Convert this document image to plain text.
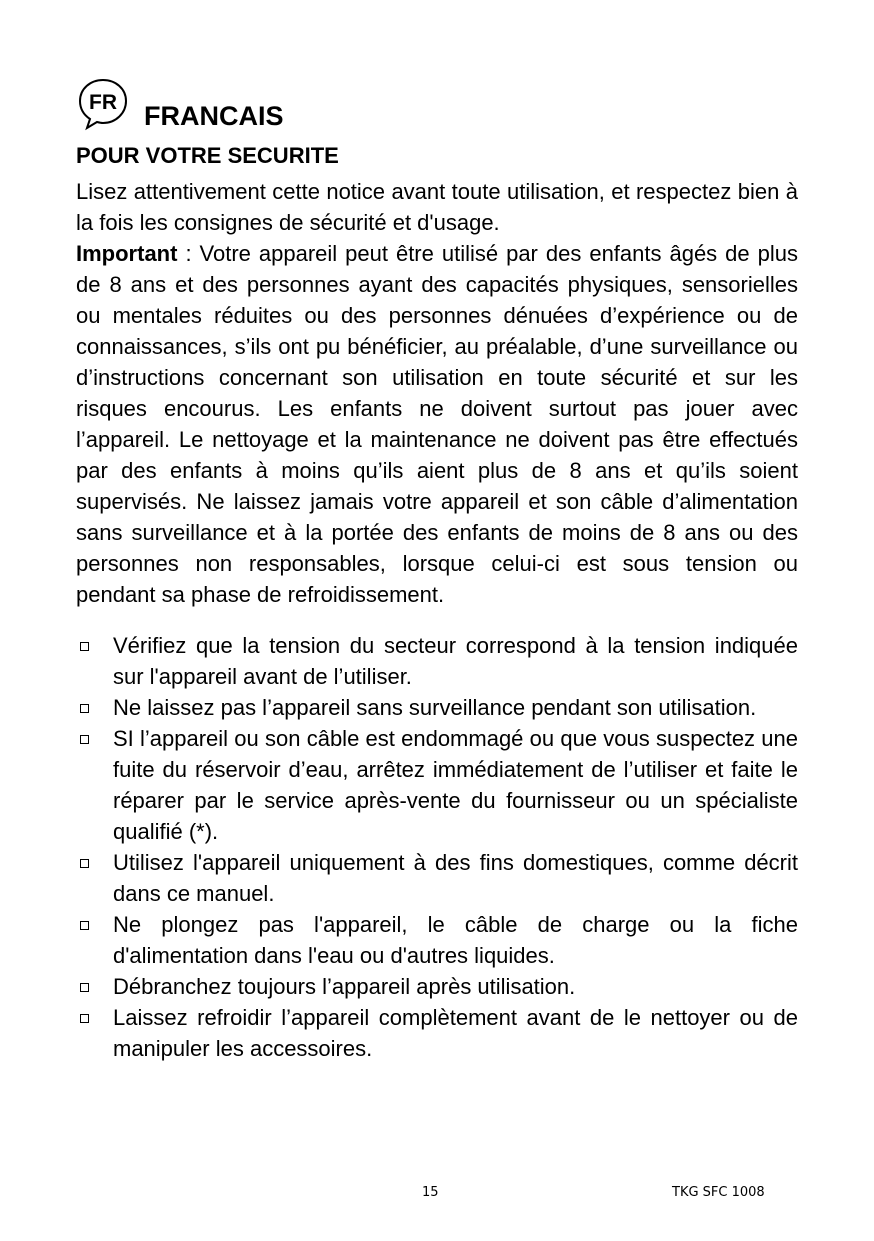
FR FRANCAIS
POUR VOTRE SECURITE

Lisez attentivement cette notice avant toute utilisation, et respectez bien à la fois les consignes de sécurité et d'usage.

Important : Votre appareil peut être utilisé par des enfants âgés de plus de 8 ans et des personnes ayant des capacités physiques, sensorielles ou mentales réduites ou des personnes dénuées d’expérience ou de connaissances, s’ils ont pu bénéficier, au préalable, d’une surveillance ou d’instructions concernant son utilisation en toute sécurité et sur les risques encourus. Les enfants ne doivent surtout pas jouer avec l’appareil. Le nettoyage et la maintenance ne doivent pas être effectués par des enfants à moins qu’ils aient plus de 8 ans et qu’ils soient supervisés. Ne laissez jamais votre appareil et son câble d’alimentation sans surveillance et à la portée des enfants de moins de 8 ans ou des personnes non responsables, lorsque celui-ci est sous tension ou pendant sa phase de refroidissement.

Vérifiez que la tension du secteur correspond à la tension indiquée sur l'appareil avant de l’utiliser.
Ne laissez pas l’appareil sans surveillance pendant son utilisation.
SI l’appareil ou son câble est endommagé ou que vous suspectez une fuite du réservoir d’eau, arrêtez immédiatement de l’utiliser et faite le réparer par le service après-vente du fournisseur ou un spécialiste qualifié (*).
Utilisez l'appareil uniquement à des fins domestiques, comme décrit dans ce manuel.
Ne plongez pas l'appareil, le câble de charge ou la fiche d'alimentation dans l'eau ou d'autres liquides.
Débranchez toujours l’appareil après utilisation.
Laissez refroidir l’appareil complètement avant de le nettoyer ou de manipuler les accessoires.
15	TKG SFC 1008
